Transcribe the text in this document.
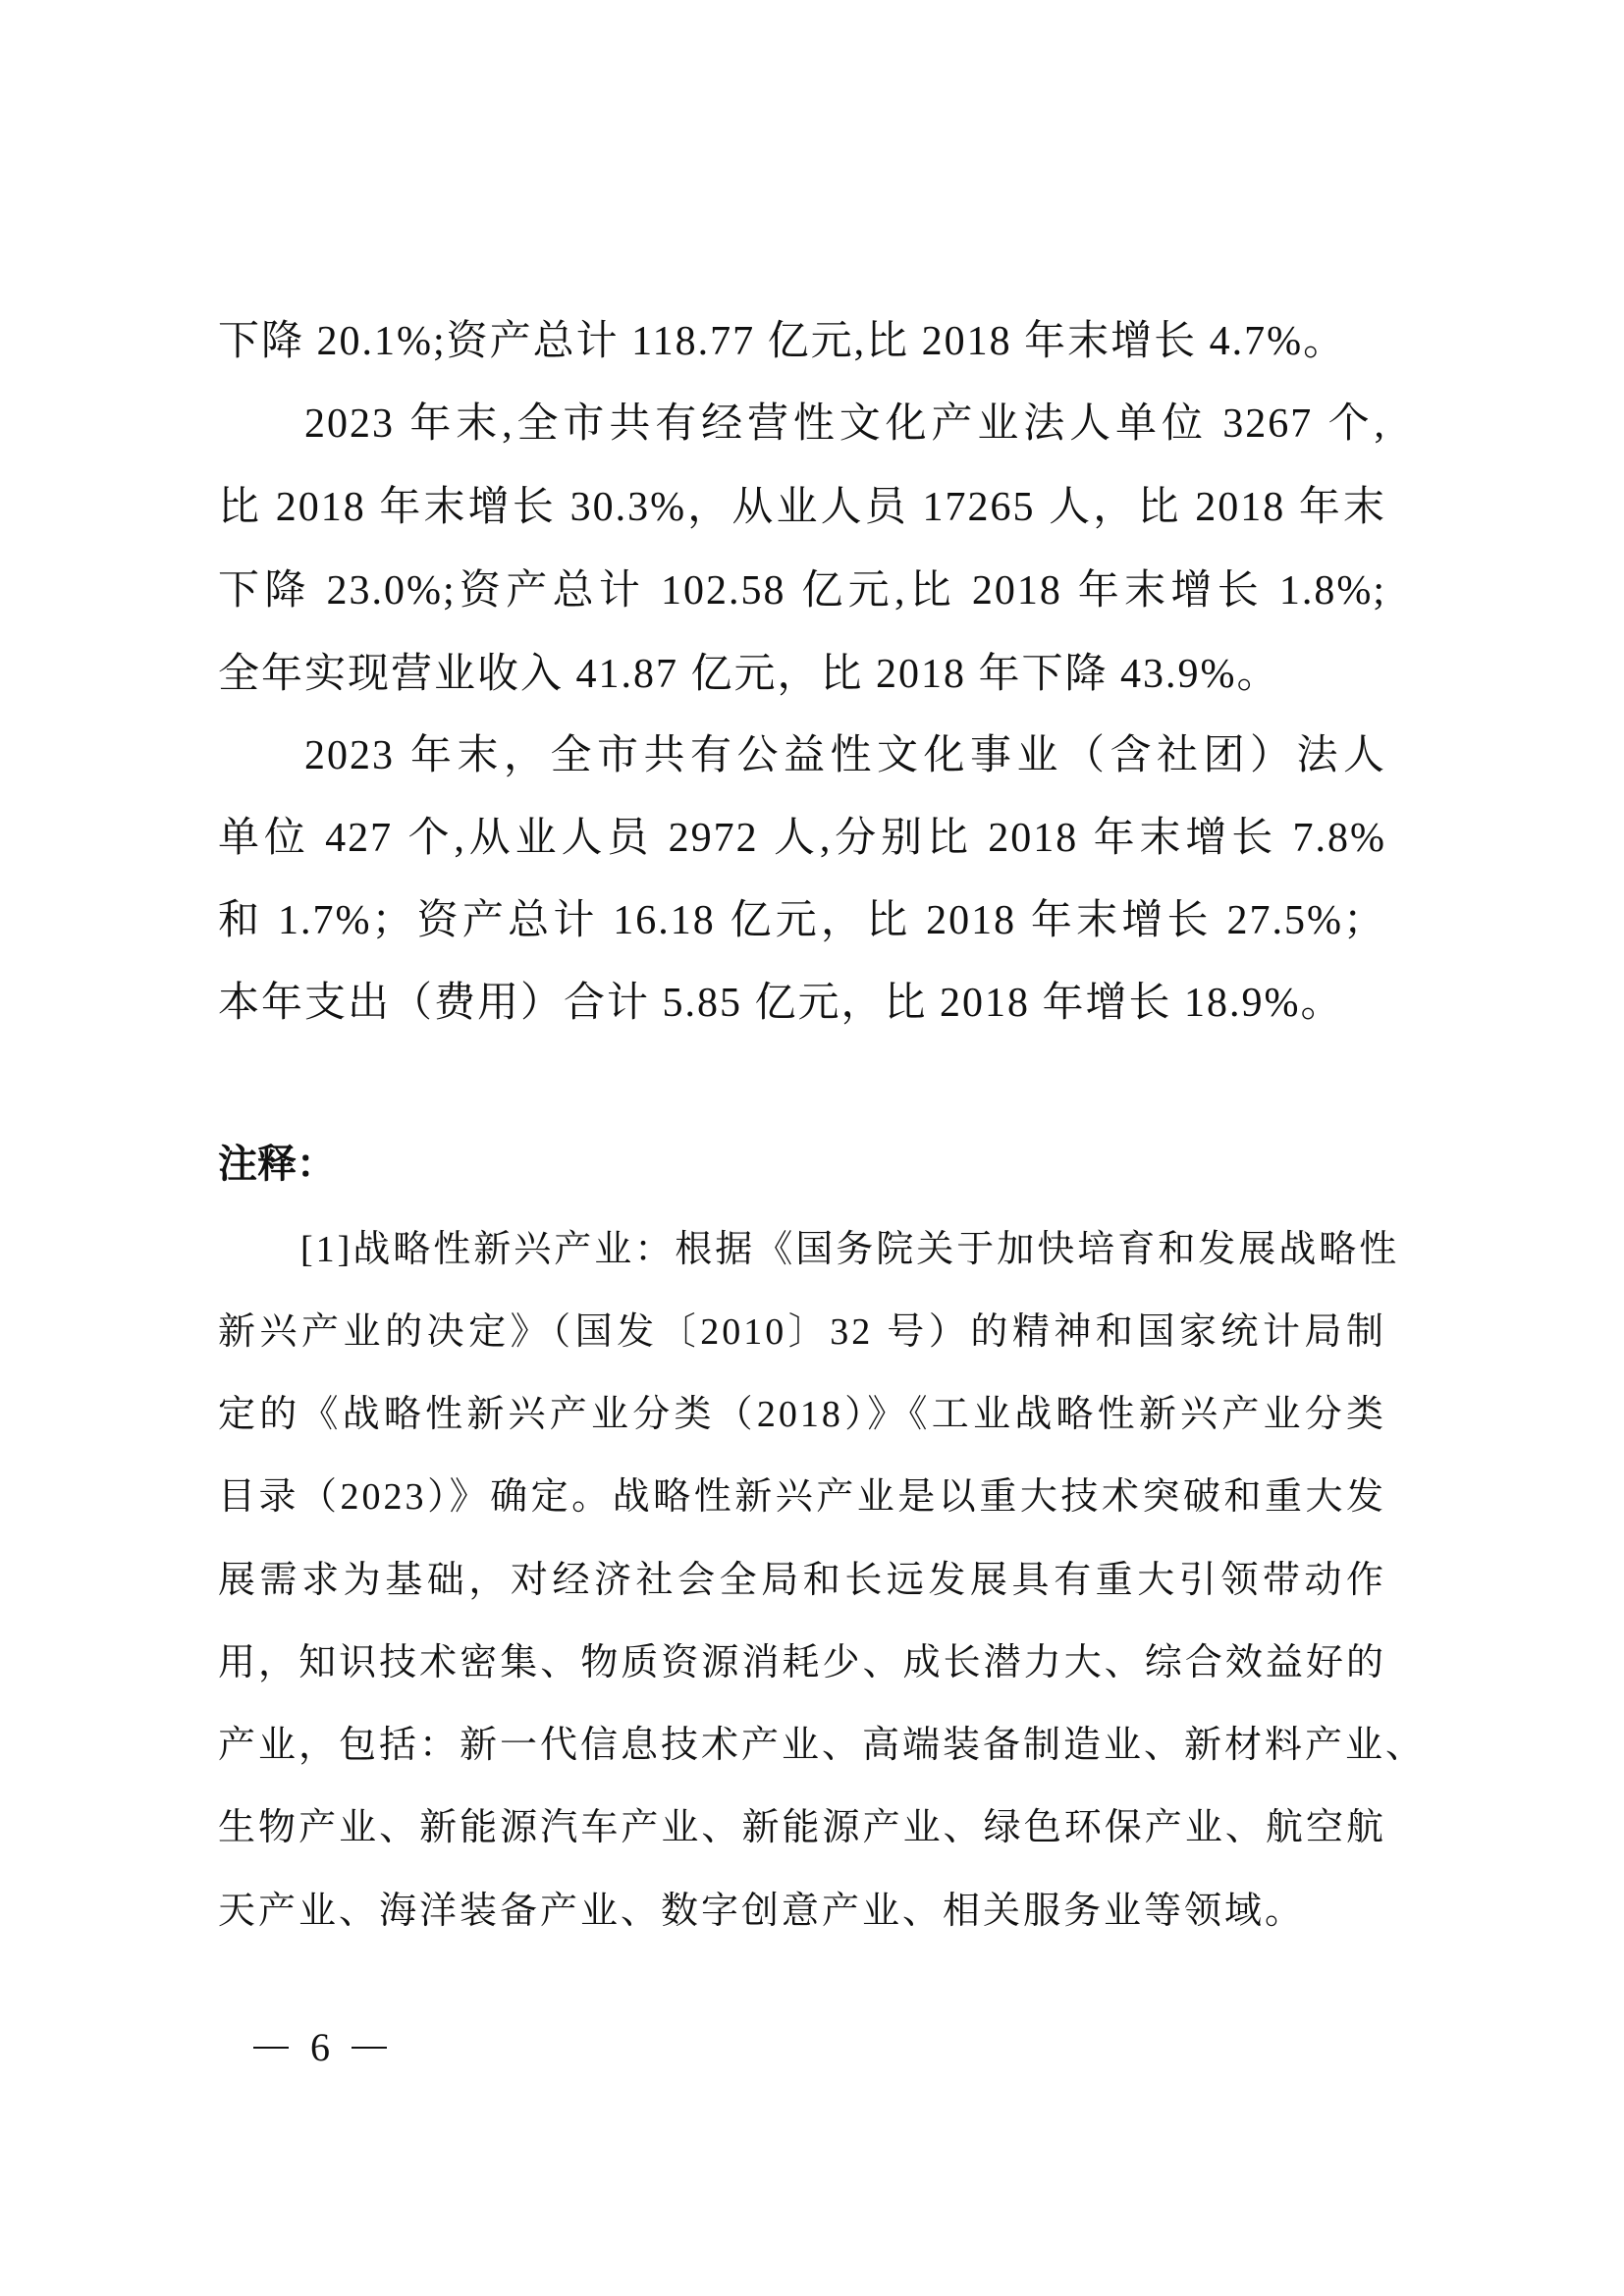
下降 20.1%;资产总计 118.77 亿元,比 2018 年末增长 4.7%。
2023 年末,全市共有经营性文化产业法人单位 3267 个,
比 2018 年末增长 30.3%，从业人员 17265 人，比 2018 年末
下降 23.0%;资产总计 102.58 亿元,比 2018 年末增长 1.8%;
全年实现营业收入 41.87 亿元，比 2018 年下降 43.9%。
2023 年末，全市共有公益性文化事业（含社团）法人
单位 427 个,从业人员 2972 人,分别比 2018 年末增长 7.8%
和 1.7%；资产总计 16.18 亿元，比 2018 年末增长 27.5%；
本年支出（费用）合计 5.85 亿元，比 2018 年增长 18.9%。
注释：
[1]战略性新兴产业：根据《国务院关于加快培育和发展战略性
新兴产业的决定》（国发〔2010〕32 号）的精神和国家统计局制
定的《战略性新兴产业分类（2018）》《工业战略性新兴产业分类
目录（2023）》确定。战略性新兴产业是以重大技术突破和重大发
展需求为基础，对经济社会全局和长远发展具有重大引领带动作
用，知识技术密集、物质资源消耗少、成长潜力大、综合效益好的
产业，包括：新一代信息技术产业、高端装备制造业、新材料产业、
生物产业、新能源汽车产业、新能源产业、绿色环保产业、航空航
天产业、海洋装备产业、数字创意产业、相关服务业等领域。
6
